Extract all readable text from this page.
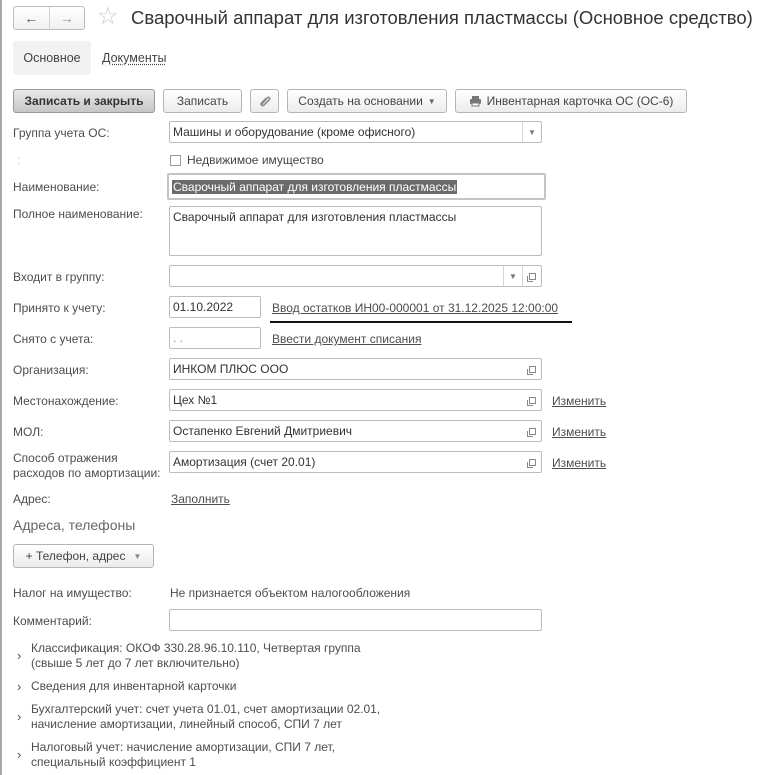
← → ☆ Сварочный аппарат для изготовления пластмассы (Основное средство)
Основное Документы
Записать и закрыть	Записать	Создать на основании ▼	Инвентарная карточка ОС (ОС-6)
Группа учета ОС:	Машины и оборудование (кроме офисного)	▼
:	Недвижимое имущество
Наименование:	Сварочный аппарат для изготовления пластмассы
Полное наименование:	Сварочный аппарат для изготовления пластмассы
Входит в группу:	▼
Принято к учету:	01.10.2022	Ввод остатков ИН00-000001 от 31.12.2025 12:00:00
Снято с учета:	. .	Ввести документ списания
Организация:	ИНКОМ ПЛЮС ООО
Местонахождение:	Цех №1	Изменить
МОЛ:	Остапенко Евгений Дмитриевич	Изменить
Способ отражения
расходов по амортизации:
Амортизация (счет 20.01)	Изменить
Адрес:	Заполнить
Адреса, телефоны
+ Телефон, адрес ▼
Налог на имущество:	Не признается объектом налогообложения
Комментарий:
› Классификация: ОКОФ 330.28.96.10.110, Четвертая группа
(свыше 5 лет до 7 лет включительно)
› Сведения для инвентарной карточки
› Бухгалтерский учет: счет учета 01.01, счет амортизации 02.01,
начисление амортизации, линейный способ, СПИ 7 лет
› Налоговый учет: начисление амортизации, СПИ 7 лет,
специальный коэффициент 1
